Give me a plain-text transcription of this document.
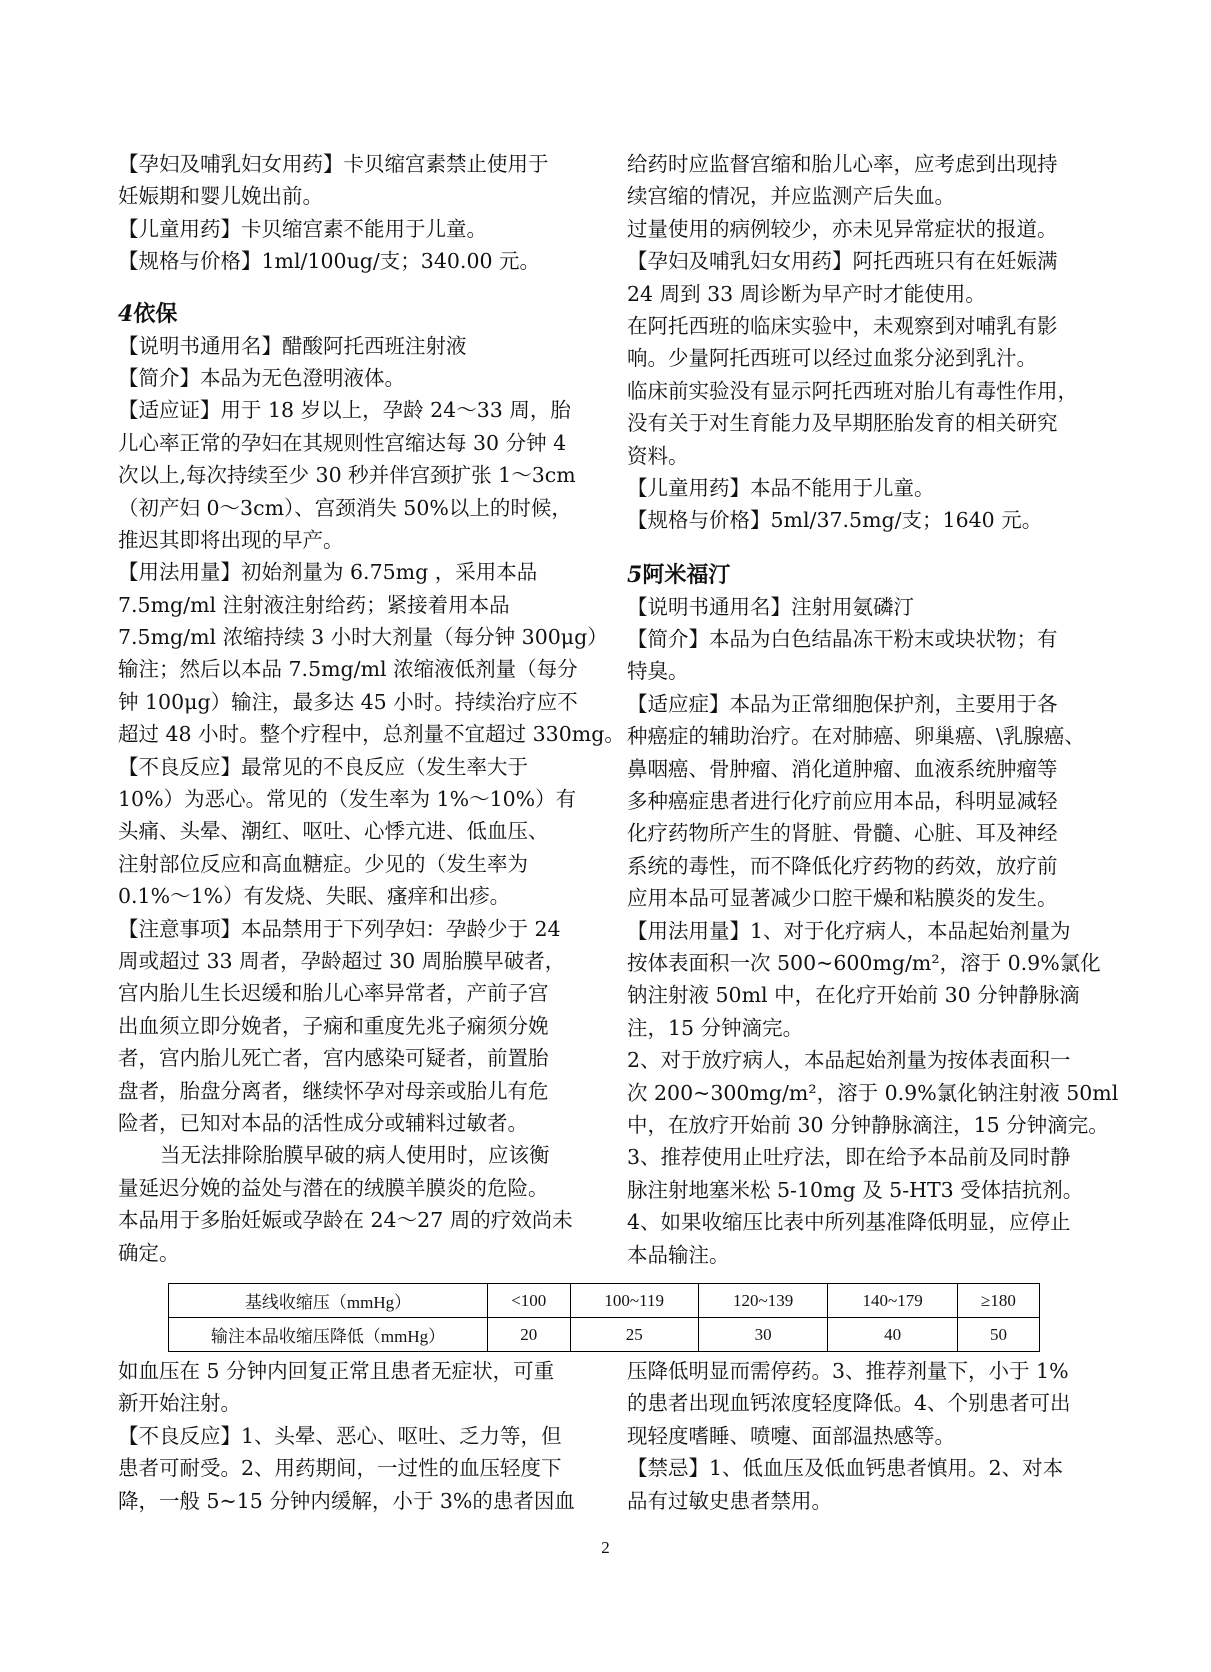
【孕妇及哺乳妇女用药】卡贝缩宫素禁止使用于
妊娠期和婴儿娩出前。
【儿童用药】卡贝缩宫素不能用于儿童。
【规格与价格】1ml/100ug/支；340.00 元。
4依保
【说明书通用名】醋酸阿托西班注射液
【简介】本品为无色澄明液体。
【适应证】用于 18 岁以上，孕龄 24～33 周，胎
儿心率正常的孕妇在其规则性宫缩达每 30 分钟 4
次以上,每次持续至少 30 秒并伴宫颈扩张 1～3cm
（初产妇 0～3cm）、宫颈消失 50%以上的时候，
推迟其即将出现的早产。
【用法用量】初始剂量为 6.75mg ，采用本品
7.5mg/ml 注射液注射给药；紧接着用本品
7.5mg/ml 浓缩持续 3 小时大剂量（每分钟 300μg）
输注；然后以本品 7.5mg/ml 浓缩液低剂量（每分
钟 100μg）输注，最多达 45 小时。持续治疗应不
超过 48 小时。整个疗程中，总剂量不宜超过 330mg。
【不良反应】最常见的不良反应（发生率大于
10%）为恶心。常见的（发生率为 1%～10%）有
头痛、头晕、潮红、呕吐、心悸亢进、低血压、
注射部位反应和高血糖症。少见的（发生率为
0.1%～1%）有发烧、失眠、瘙痒和出疹。
【注意事项】本品禁用于下列孕妇：孕龄少于 24
周或超过 33 周者，孕龄超过 30 周胎膜早破者，
宫内胎儿生长迟缓和胎儿心率异常者，产前子宫
出血须立即分娩者，子痫和重度先兆子痫须分娩
者，宫内胎儿死亡者，宫内感染可疑者，前置胎
盘者，胎盘分离者，继续怀孕对母亲或胎儿有危
险者，已知对本品的活性成分或辅料过敏者。
当无法排除胎膜早破的病人使用时，应该衡
量延迟分娩的益处与潜在的绒膜羊膜炎的危险。
本品用于多胎妊娠或孕龄在 24～27 周的疗效尚未
确定。
给药时应监督宫缩和胎儿心率，应考虑到出现持
续宫缩的情况，并应监测产后失血。
过量使用的病例较少，亦未见异常症状的报道。
【孕妇及哺乳妇女用药】阿托西班只有在妊娠满
24 周到 33 周诊断为早产时才能使用。
在阿托西班的临床实验中，未观察到对哺乳有影
响。少量阿托西班可以经过血浆分泌到乳汁。
临床前实验没有显示阿托西班对胎儿有毒性作用，
没有关于对生育能力及早期胚胎发育的相关研究
资料。
【儿童用药】本品不能用于儿童。
【规格与价格】5ml/37.5mg/支；1640 元。
5阿米福汀
【说明书通用名】注射用氨磷汀
【简介】本品为白色结晶冻干粉末或块状物；有
特臭。
【适应症】本品为正常细胞保护剂，主要用于各
种癌症的辅助治疗。在对肺癌、卵巢癌、\乳腺癌、
鼻咽癌、骨肿瘤、消化道肿瘤、血液系统肿瘤等
多种癌症患者进行化疗前应用本品，科明显减轻
化疗药物所产生的肾脏、骨髓、心脏、耳及神经
系统的毒性，而不降低化疗药物的药效，放疗前
应用本品可显著减少口腔干燥和粘膜炎的发生。
【用法用量】1、对于化疗病人，本品起始剂量为
按体表面积一次 500~600mg/m²，溶于 0.9%氯化
钠注射液 50ml 中，在化疗开始前 30 分钟静脉滴
注，15 分钟滴完。
2、对于放疗病人，本品起始剂量为按体表面积一
次 200~300mg/m²，溶于 0.9%氯化钠注射液 50ml
中，在放疗开始前 30 分钟静脉滴注，15 分钟滴完。
3、推荐使用止吐疗法，即在给予本品前及同时静
脉注射地塞米松 5-10mg 及 5-HT3 受体拮抗剂。
4、如果收缩压比表中所列基准降低明显，应停止
本品输注。
基线收缩压（mmHg）	<100	100~119	120~139	140~179	≥180
输注本品收缩压降低（mmHg）	20	25	30	40	50
如血压在 5 分钟内回复正常且患者无症状，可重
新开始注射。
【不良反应】1、头晕、恶心、呕吐、乏力等，但
患者可耐受。2、用药期间，一过性的血压轻度下
降，一般 5~15 分钟内缓解，小于 3%的患者因血
压降低明显而需停药。3、推荐剂量下，小于 1%
的患者出现血钙浓度轻度降低。4、个别患者可出
现轻度嗜睡、喷嚏、面部温热感等。
【禁忌】1、低血压及低血钙患者慎用。2、对本
品有过敏史患者禁用。
2
